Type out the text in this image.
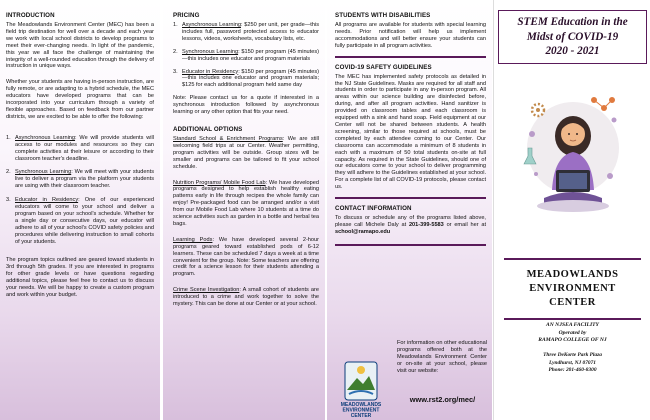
INTRODUCTION

The Meadowlands Environment Center (MEC) has been a field trip destination for well over a decade and each year we work with local school districts to develop programs to meet their ever-changing needs. In light of the pandemic, this year we all face the challenge of maintaining the integrity of a well-rounded education through the delivery of instruction in unique ways.

Whether your students are having in-person instruction, are fully remote, or are adapting to a hybrid schedule, the MEC educators have developed programs that can be incorporated into your curriculum through a variety of flexible approaches. Based on feedback from our partner districts, we are excited to be able to offer the following:

1. Asynchronous Learning: We will provide students will access to our modules and resources so they can complete activities at their leisure or according to their classroom teacher's deadline.
2. Synchronous Learning: We will meet with your students live to deliver a program via the platform your students are using with their classroom teacher.
3. Educator in Residency: One of our experienced educators will come to your school and deliver a program based on your school's schedule. Whether for a single day or consecutive days, our educator will adhere to all of your school's COVID safety policies and procedures while delivering instruction to small cohorts of your students.

The program topics outlined are geared toward students in 3rd through 5th grades. If you are interested in programs for other grade levels or have questions regarding additional topics, please feel free to contact us to discuss your needs. We will be happy to create a custom program and work within your budget.

PRICING
1. Asynchronous Learning: $250 per unit, per grade—this includes full, password protected access to educator lessons, videos, worksheets, vocabulary lists, etc.
2. Synchronous Learning: $150 per program (45 minutes)—this includes one educator and program materials
3. Educator in Residency: $150 per program (45 minutes)—this includes one educator and program materials; $125 for each additional program held same day

Note: Please contact us for a quote if interested in a synchronous introduction followed by asynchronous learning or any other option that fits your need.

ADDITIONAL OPTIONS

Standard School & Enrichment Programs: We are still welcoming field trips at our Center. Weather permitting, program activities will be outside. Group sizes will be smaller and programs can be tailored to fit your school schedule.

Nutrition Programs/ Mobile Food Lab: We have developed programs designed to help establish healthy eating patterns early in life through recipes the whole family can enjoy! Pre-packaged food can be arranged and/or a visit from our Mobile Food Lab where 10 students at a time do science activities such as garden in a bottle and herbal tea bags.

Learning Pods: We have developed several 2-hour programs geared toward established pods of 6-12 learners. These can be scheduled 7 days a week at a time convenient for the group. Note: Some teachers are offering credit for a science lesson for their students attending a program.

Crime Scene Investigation: A small cohort of students are introduced to a crime and work together to solve the mystery. This can be done at our Center or at your school.

STUDENTS WITH DISABILITIES

All programs are available for students with special learning needs. Prior notification will help us implement accommodations and will better ensure your students can fully participate in all program activities.

COVID-19 SAFETY GUIDELINES

The MEC has implemented safety protocols as detailed in the NJ State Guidelines. Masks are required for all staff and students in order to participate in any in-person program. All areas within our science building are disinfected before, during, and after all program activities. Hand sanitizer is provided on classroom tables and each classroom is equipped with a sink and hand soap. Field equipment at our Center will not be shared between students. A health screening, similar to those required at schools, must be completed by each attendee coming to our Center. Our classrooms can accommodate a minimum of 8 students in each with a maximum of 50 total students on-site at full capacity. As required in the State Guidelines, should one of our educators come to your school to deliver programming they will adhere to the Guidelines established at your school. For a complete list of all COVID-19 protocols, please contact us.

CONTACT INFORMATION

To discuss or schedule any of the programs listed above, please call Michele Daly at 201-399-5583 or email her at school@ramapo.edu

For information on other educational programs offered both at the Meadowlands Environment Center or on-site at your school, please visit our website:

MEADOWLANDS
ENVIRONMENT
CENTER
www.rst2.org/mec/
STEM Education in the Midst of COVID-19
2020 - 2021
MEADOWLANDS
ENVIRONMENT
CENTER

AN NJSEA FACILITY

Operated by

RAMAPO COLLEGE OF NJ

Three DeKorte Park Plaza

Lyndhurst, NJ 07071

Phone: 201-460-8300
